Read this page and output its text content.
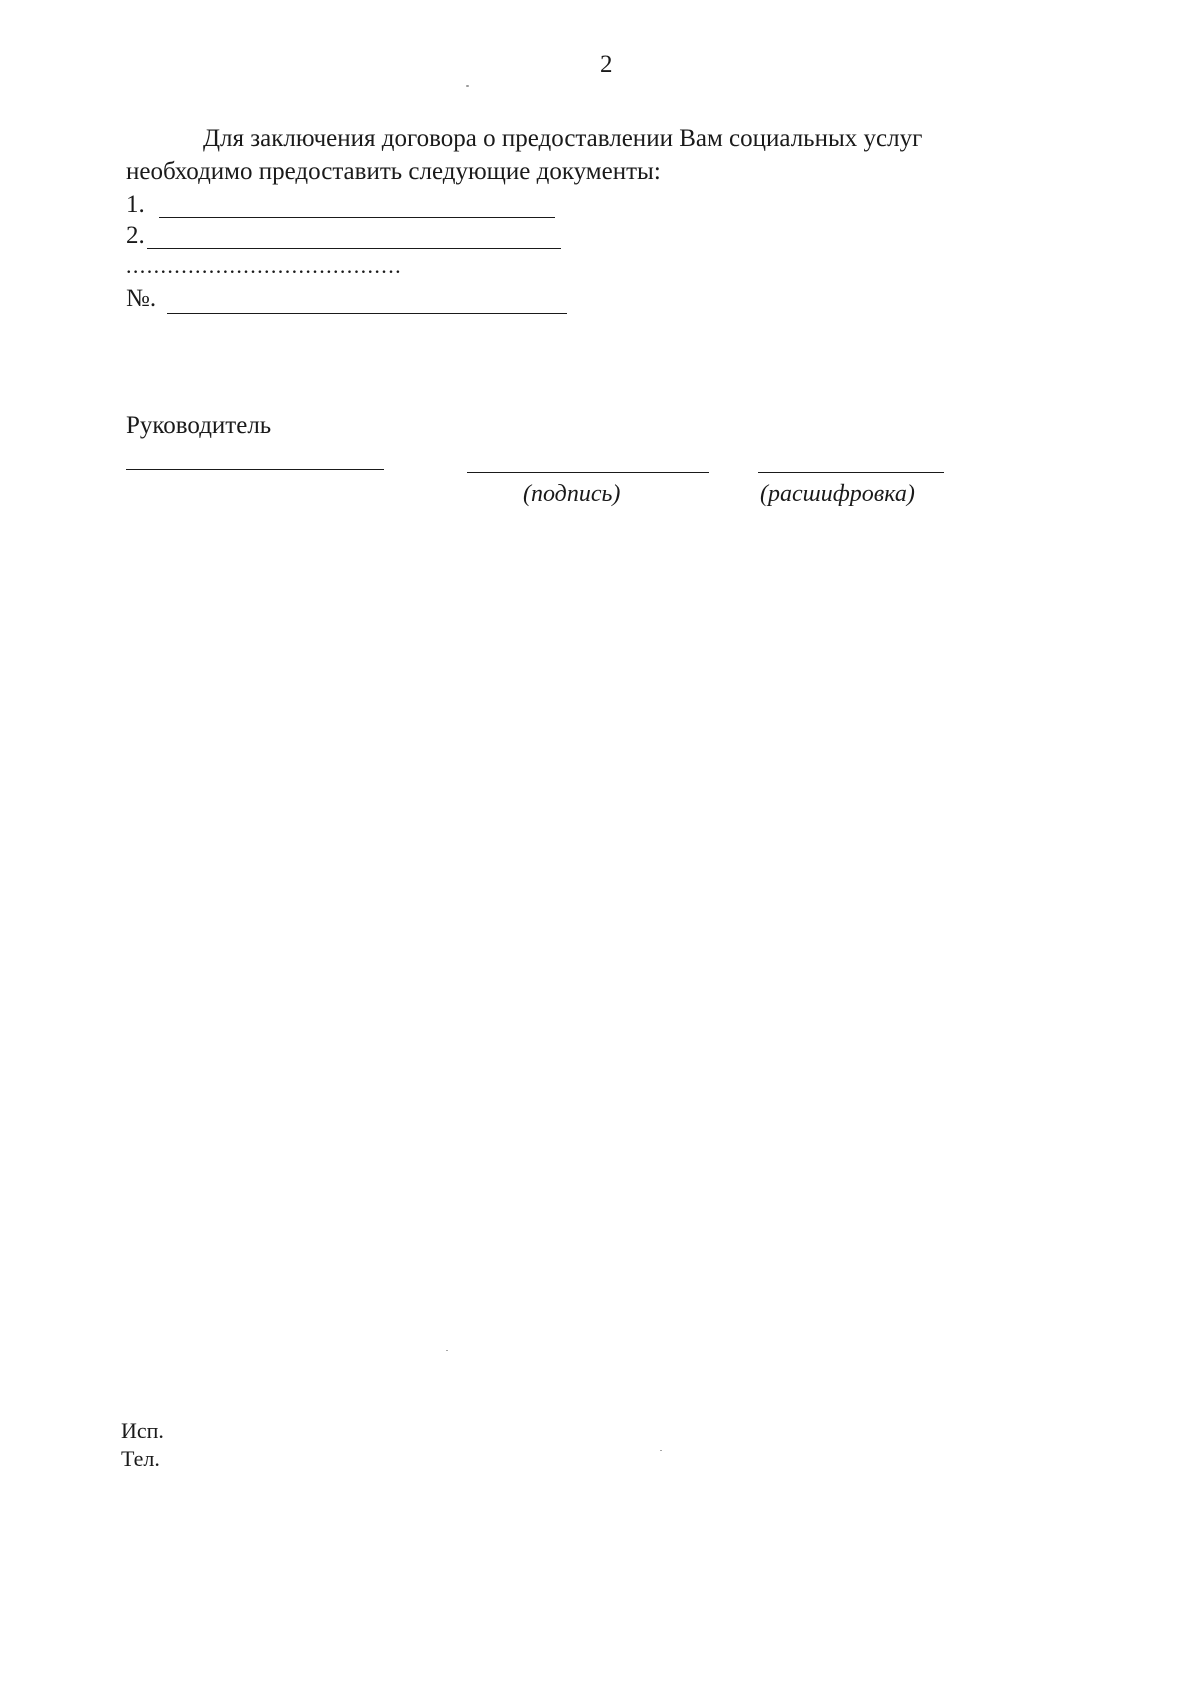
2
Для заключения договора о предоставлении Вам социальных услуг
необходимо предоставить следующие документы:
1.
2.
........................................
№.
Руководитель
(подпись)	(расшифровка)
Исп.
Тел.
